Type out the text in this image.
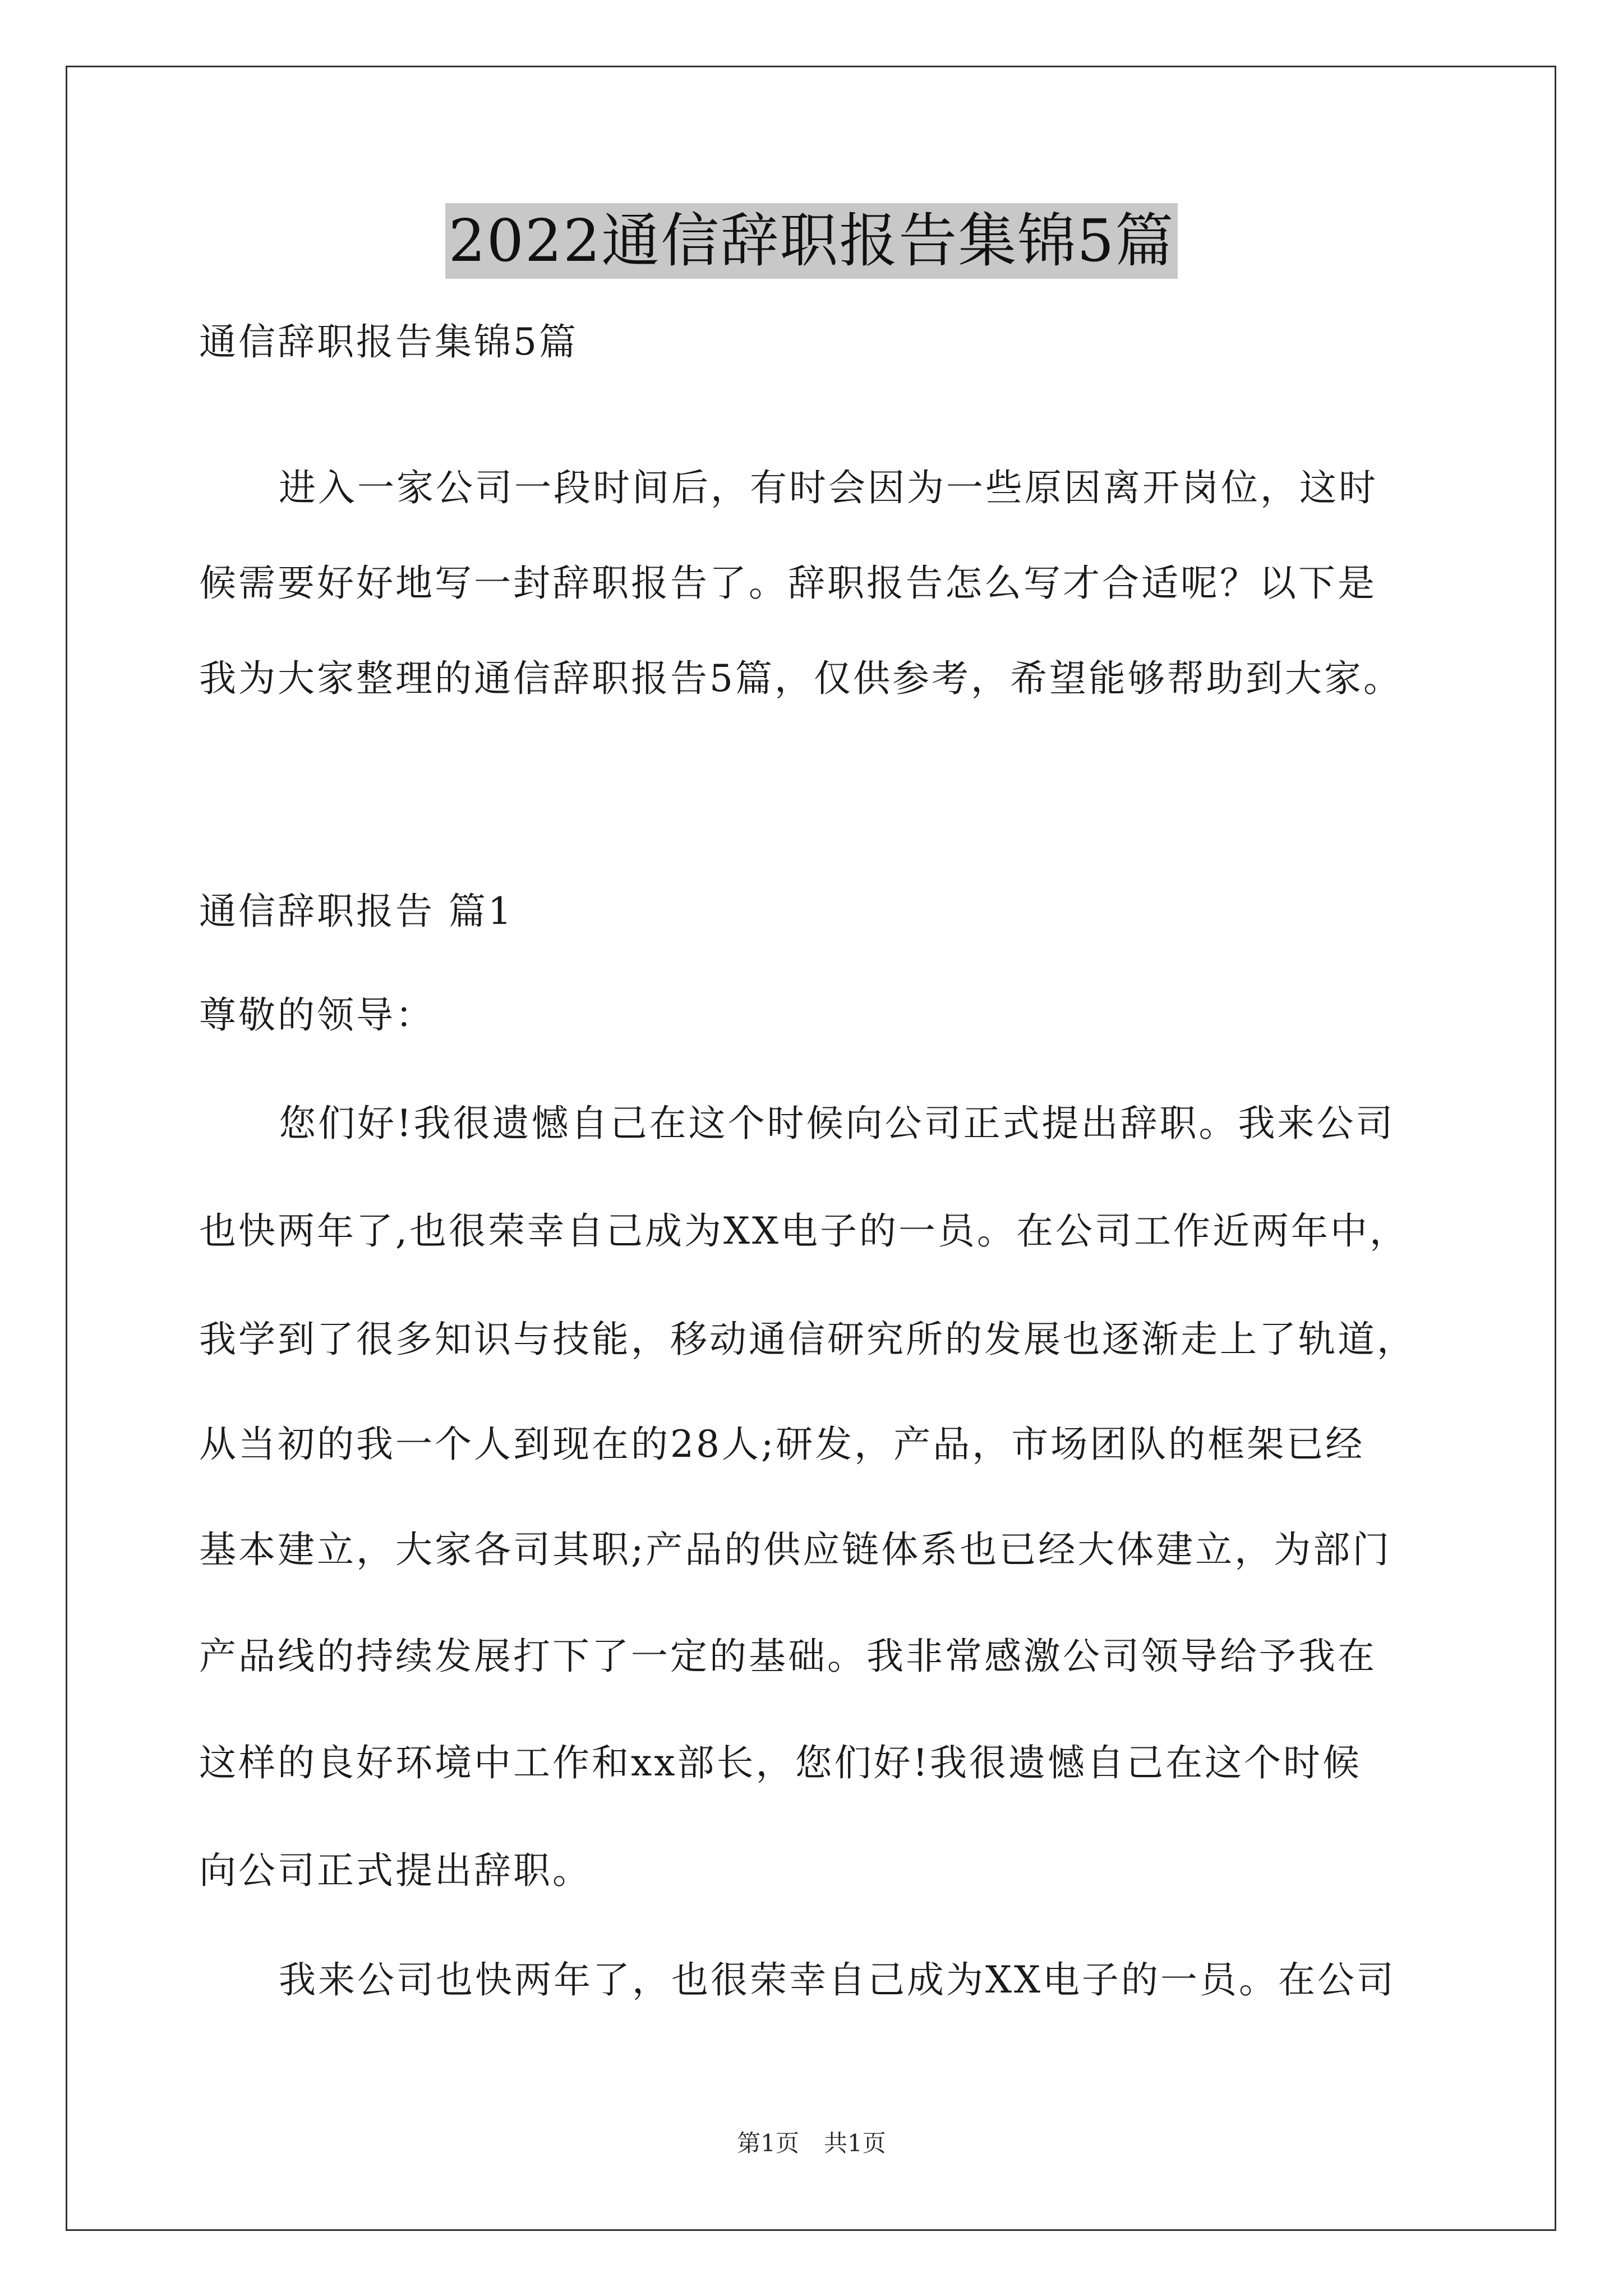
2022通信辞职报告集锦5篇
通信辞职报告集锦5篇
进入一家公司一段时间后，有时会因为一些原因离开岗位，这时
候需要好好地写一封辞职报告了。辞职报告怎么写才合适呢？以下是
我为大家整理的通信辞职报告5篇，仅供参考，希望能够帮助到大家。
通信辞职报告 篇1
尊敬的领导：
您们好!我很遗憾自己在这个时候向公司正式提出辞职。我来公司
也快两年了,也很荣幸自己成为XX电子的一员。在公司工作近两年中，
我学到了很多知识与技能，移动通信研究所的发展也逐渐走上了轨道，
从当初的我一个人到现在的28人;研发，产品，市场团队的框架已经
基本建立，大家各司其职;产品的供应链体系也已经大体建立，为部门
产品线的持续发展打下了一定的基础。我非常感激公司领导给予我在
这样的良好环境中工作和xx部长，您们好!我很遗憾自己在这个时候
向公司正式提出辞职。
我来公司也快两年了，也很荣幸自己成为XX电子的一员。在公司
第1页 共1页
